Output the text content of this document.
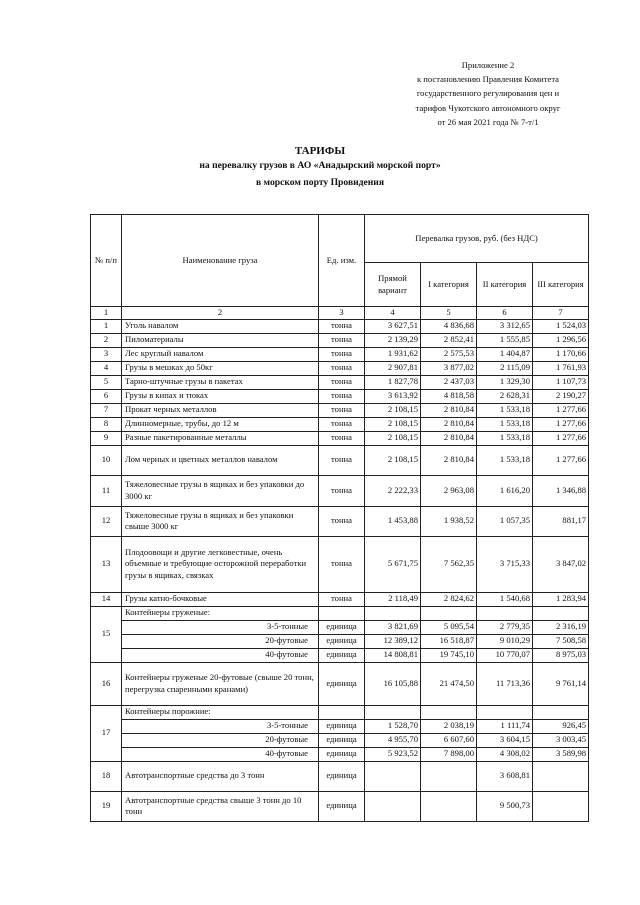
Приложение 2
к постановлению Правления Комитета
государственного регулирования цен и
тарифов Чукотского автономного округ
от 26 мая 2021 года № 7-т/1
ТАРИФЫ
на перевалку грузов в АО «Анадырский морской порт»
в морском порту Провидения
№ п/п	Наименование груза	Ед. изм.	Перевалка грузов, руб. (без НДС)			
			Прямой вариант	I категория	II категория	III категория
1	2	3	4	5	6	7
1	Уголь навалом	тонна	3 627,51	4 836,68	3 312,65	1 524,03
2	Пиломатериалы	тонна	2 139,29	2 852,41	1 555,85	1 296,56
3	Лес круглый навалом	тонна	1 931,62	2 575,53	1 404,87	1 170,66
4	Грузы в мешках до 50кг	тонна	2 907,81	3 877,02	2 115,09	1 761,93
5	Тарно-штучные грузы в пакетах	тонна	1 827,78	2 437,03	1 329,30	1 107,73
6	Грузы в кипах и тюках	тонна	3 613,92	4 818,58	2 628,31	2 190,27
7	Прокат черных металлов	тонна	2 108,15	2 810,84	1 533,18	1 277,66
8	Длинномерные, трубы, до 12 м	тонна	2 108,15	2 810,84	1 533,18	1 277,66
9	Разные пакетированные металлы	тонна	2 108,15	2 810,84	1 533,18	1 277,66
10	Лом черных и цветных металлов навалом	тонна	2 108,15	2 810,84	1 533,18	1 277,66
11	Тяжеловесные грузы в ящиках и без упаковки до 3000 кг	тонна	2 222,33	2 963,08	1 616,20	1 346,88
12	Тяжеловесные грузы в ящиках и без упаковки свыше 3000 кг	тонна	1 453,88	1 938,52	1 057,35	881,17
13	Плодоовощи и другие легковестные, очень объемные и требующие осторожной переработки грузы в ящиках, связках	тонна	5 671,75	7 562,35	3 715,33	3 847,02
14	Грузы катно-бочковые	тонна	2 118,49	2 824,62	1 540,68	1 283,94
15	Контейнеры груженые:					
	3-5-тонные	единица	3 821,69	5 095,54	2 779,35	2 316,19
	20-футовые	единица	12 389,12	16 518,87	9 010,29	7 508,58
	40-футовые	единица	14 808,81	19 745,10	10 770,07	8 975,03
16	Контейнеры груженые 20-футовые (свыше 20 тонн, перегрузка спаренными кранами)	единица	16 105,88	21 474,50	11 713,36	9 761,14
17	Контейнеры порожние:					
	3-5-тонные	единица	1 528,70	2 038,19	1 111,74	926,45
	20-футовые	единица	4 955,70	6 607,60	3 604,15	3 003,45
	40-футовые	единица	5 923,52	7 898,00	4 308,02	3 589,98
18	Автотранспортные средства до 3 тонн	единица			3 608,81	
19	Автотранспортные средства свыше 3 тонн до 10 тонн	единица			9 500,73	
